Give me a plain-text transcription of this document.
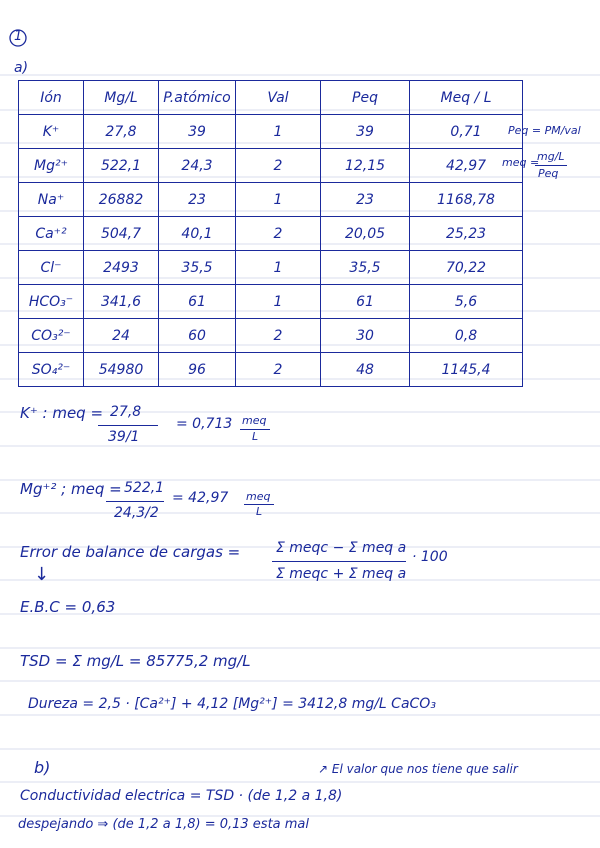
1
a)
Ión	Mg/L	P.atómico	Val	Peq	Meq / L
K⁺	27,8	39	1	39	0,71
Mg²⁺	522,1	24,3	2	12,15	42,97
Na⁺	26882	23	1	23	1168,78
Ca⁺²	504,7	40,1	2	20,05	25,23
Cl⁻	2493	35,5	1	35,5	70,22
HCO₃⁻	341,6	61	1	61	5,6
CO₃²⁻	24	60	2	30	0,8
SO₄²⁻	54980	96	2	48	1145,4
Peq = PM/val
meq =
mg/L
Peq
K⁺ : meq = 27,8
39/1
= 0,713 meq
L
Mg⁺² ; meq = 522,1
24,3/2
= 42,97 meq
L
Error de balance de cargas =	Σ meqc − Σ meq a
Σ meqc + Σ meq a
· 100
↓
E.B.C = 0,63
TSD = Σ mg/L = 85775,2 mg/L
Dureza = 2,5 · [Ca²⁺] + 4,12 [Mg²⁺] = 3412,8 mg/L CaCO₃
b)	↗ El valor que nos tiene que salir
Conductividad electrica = TSD · (de 1,2 a 1,8)
despejando ⇒ (de 1,2 a 1,8) = 0,13 esta mal
